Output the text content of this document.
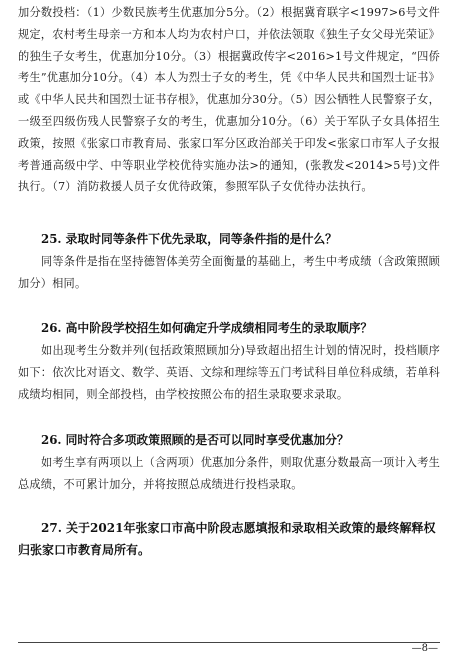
加分数投档：（1）少数民族考生优惠加分5分。（2）根据冀育联字<1997>6号文件规定，农村考生母亲一方和本人均为农村户口，并依法领取《独生子女父母光荣证》的独生子女考生，优惠加分10分。（3）根据冀政传字<2016>1号文件规定，“四侨考生”优惠加分10分。（4）本人为烈士子女的考生，凭《中华人民共和国烈士证书》或《中华人民共和国烈士证书存根》，优惠加分30分。（5）因公牺牲人民警察子女，一级至四级伤残人民警察子女的考生，优惠加分10分。（6）关于军队子女具体招生政策，按照《张家口市教育局、张家口军分区政治部关于印发<张家口市军人子女报考普通高级中学、中等职业学校优待实施办法>的通知，(张教发<2014>5号)文件执行。（7）消防救援人员子女优待政策，参照军队子女优待办法执行。

25. 录取时同等条件下优先录取，同等条件指的是什么？

同等条件是指在坚持德智体美劳全面衡量的基础上，考生中考成绩（含政策照顾加分）相同。

26. 高中阶段学校招生如何确定升学成绩相同考生的录取顺序？

如出现考生分数并列(包括政策照顾加分)导致超出招生计划的情况时，投档顺序如下：依次比对语文、数学、英语、文综和理综等五门考试科目单位科成绩，若单科成绩均相同，则全部投档，由学校按照公布的招生录取要求录取。

26. 同时符合多项政策照顾的是否可以同时享受优惠加分？

如考生享有两项以上（含两项）优惠加分条件，则取优惠分数最高一项计入考生总成绩，不可累计加分，并将按照总成绩进行投档录取。

27. 关于2021年张家口市高中阶段志愿填报和录取相关政策的最终解释权归张家口市教育局所有。

—8—
